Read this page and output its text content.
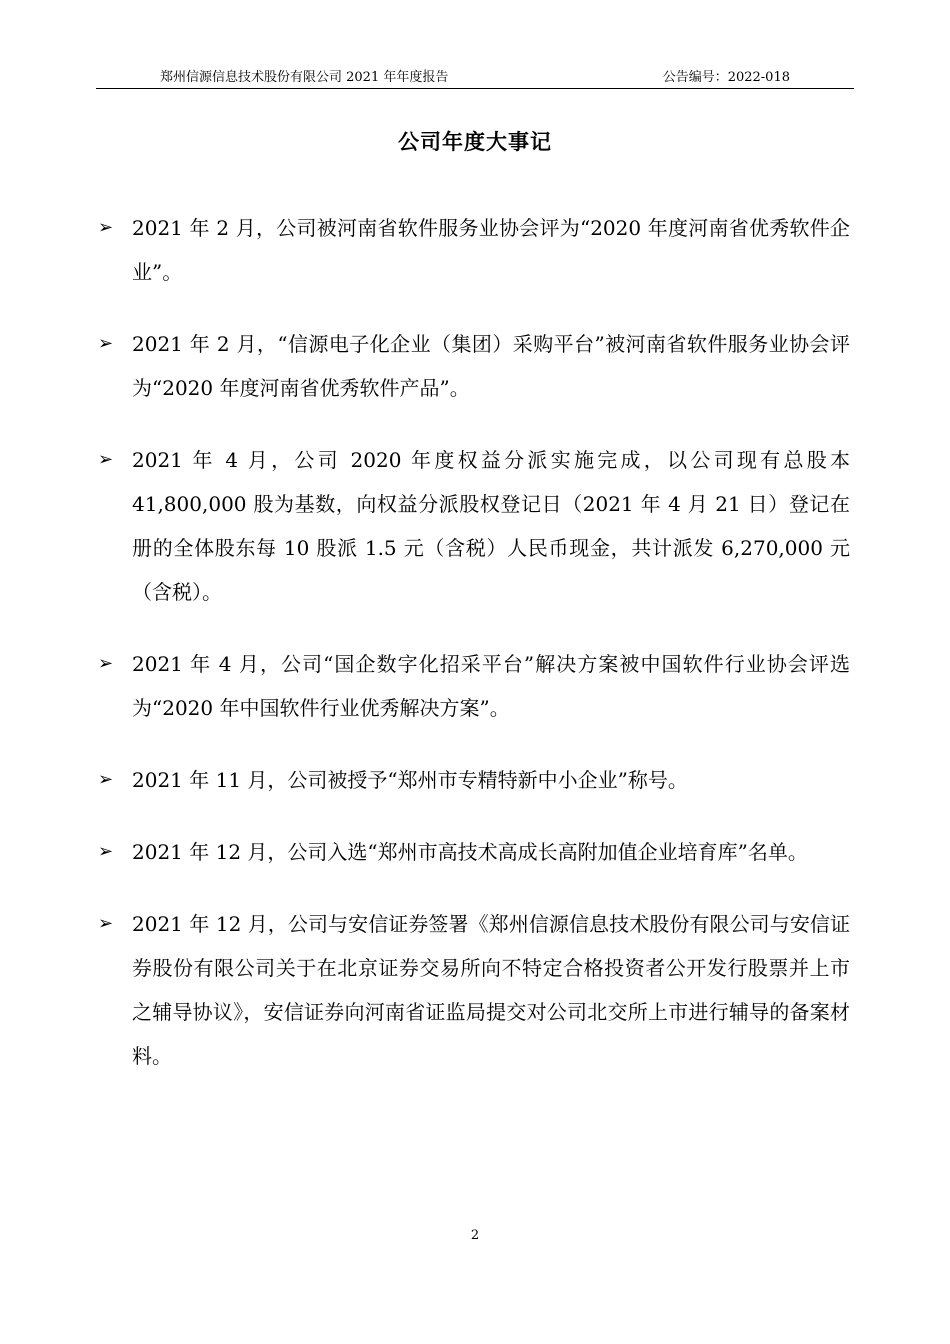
郑州信源信息技术股份有限公司 2021 年年度报告	公告编号：2022-018
公司年度大事记
➢ 2021 年 2 月，公司被河南省软件服务业协会评为“2020 年度河南省优秀软件企业”。
➢ 2021 年 2 月，“信源电子化企业（集团）采购平台”被河南省软件服务业协会评为“2020 年度河南省优秀软件产品”。
➢ 2021 年 4 月，公司 2020 年度权益分派实施完成，以公司现有总股本 41,800,000 股为基数，向权益分派股权登记日（2021 年 4 月 21 日）登记在册的全体股东每 10 股派 1.5 元（含税）人民币现金，共计派发 6,270,000 元（含税）。
➢ 2021 年 4 月，公司“国企数字化招采平台”解决方案被中国软件行业协会评选为“2020 年中国软件行业优秀解决方案”。
➢ 2021 年 11 月，公司被授予“郑州市专精特新中小企业”称号。
➢ 2021 年 12 月，公司入选“郑州市高技术高成长高附加值企业培育库”名单。
➢ 2021 年 12 月，公司与安信证券签署《郑州信源信息技术股份有限公司与安信证券股份有限公司关于在北京证券交易所向不特定合格投资者公开发行股票并上市之辅导协议》，安信证券向河南省证监局提交对公司北交所上市进行辅导的备案材料。
2
